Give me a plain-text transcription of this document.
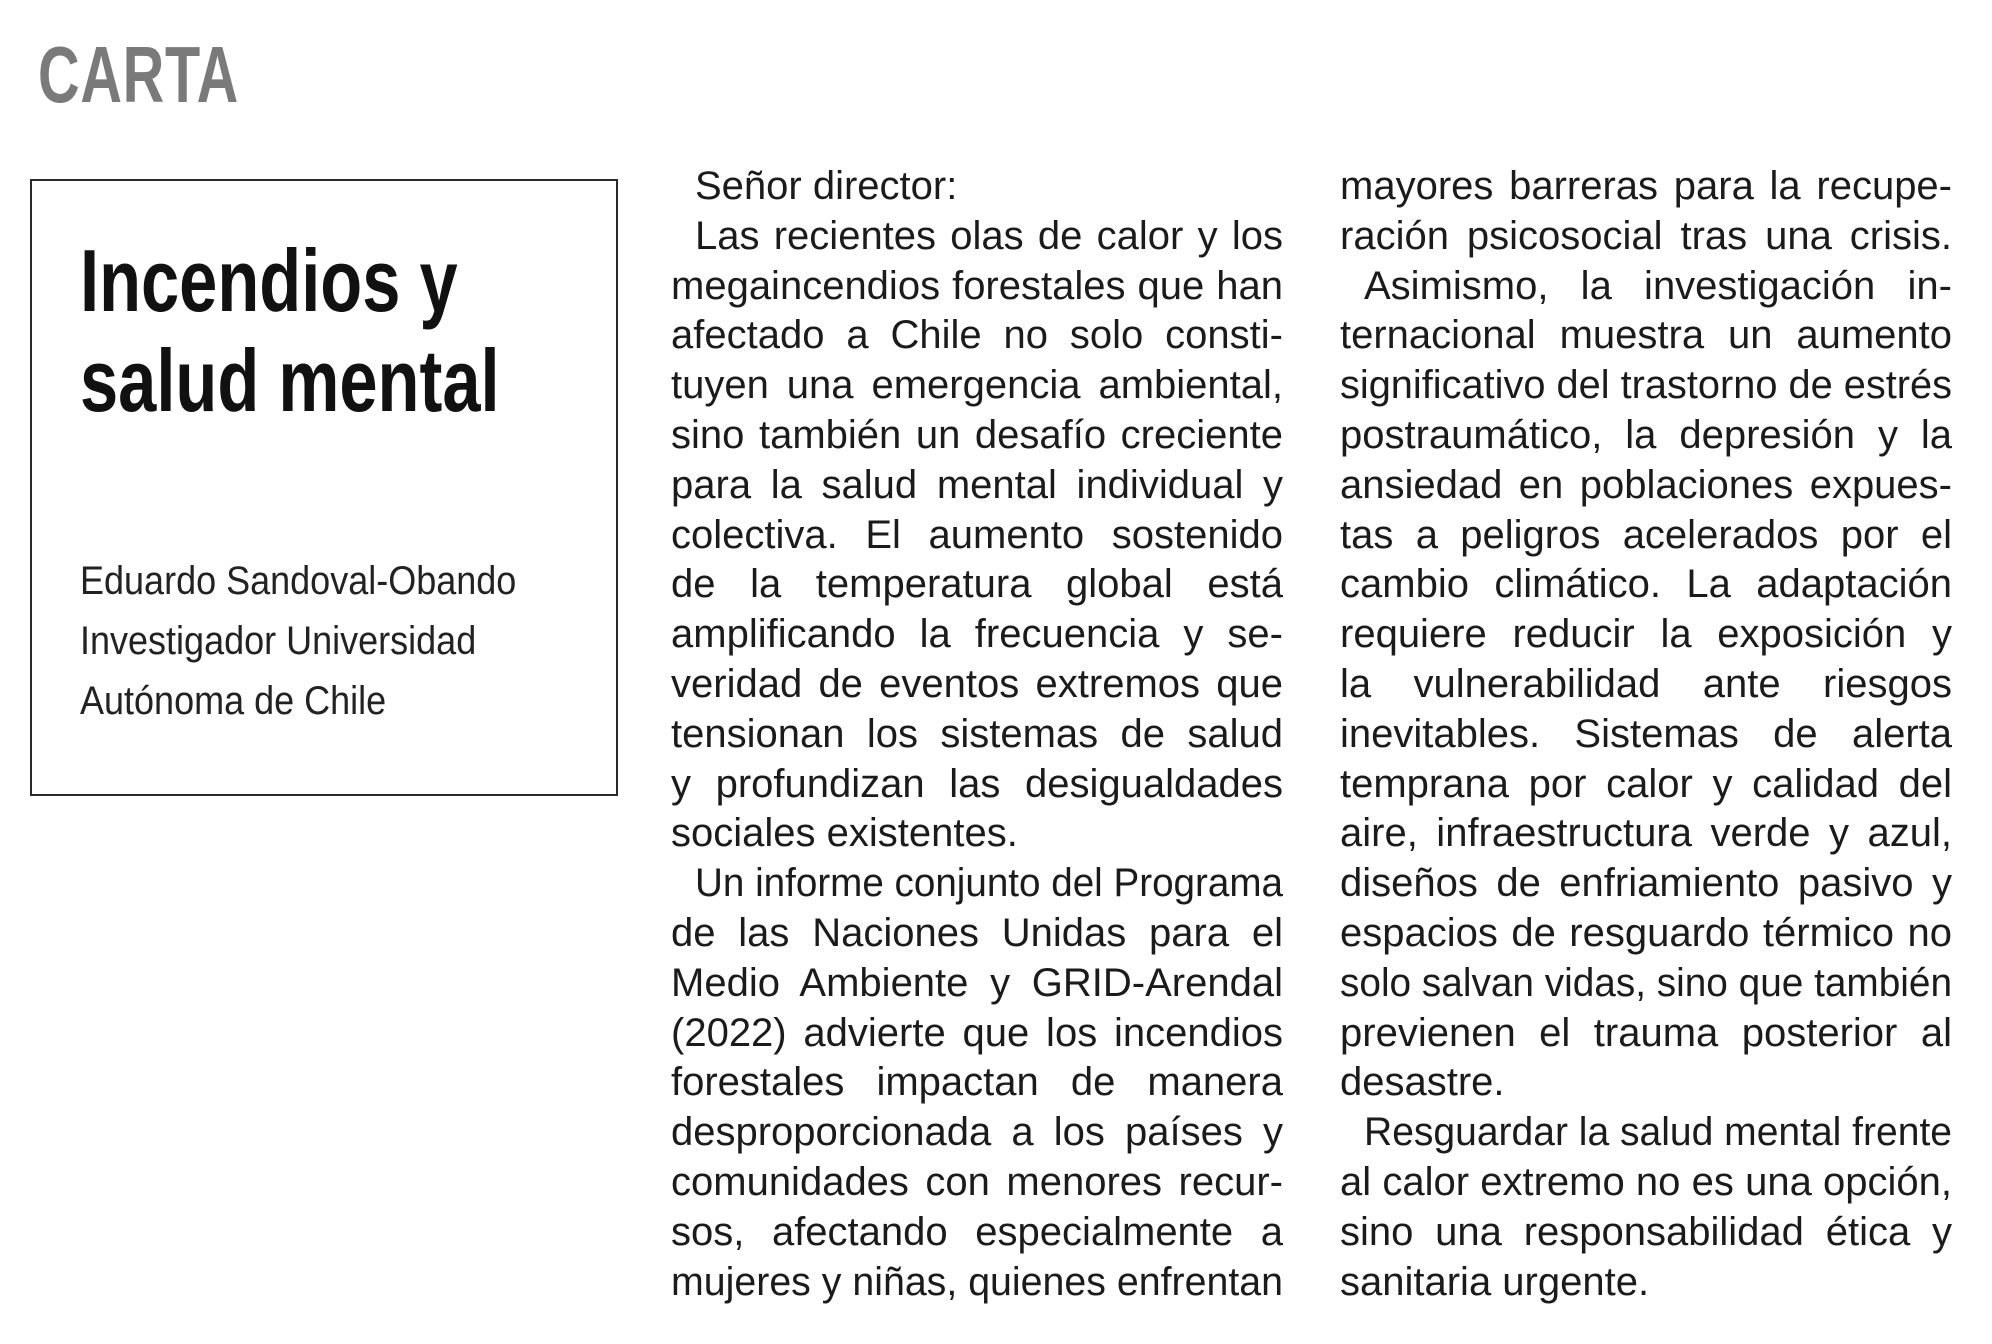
CARTA
Incendios y
salud mental
Eduardo Sandoval-Obando
Investigador Universidad
Autónoma de Chile
Señor director:
Las recientes olas de calor y los
megaincendios forestales que han
afectado a Chile no solo consti-
tuyen una emergencia ambiental,
sino también un desafío creciente
para la salud mental individual y
colectiva. El aumento sostenido
de la temperatura global está
amplificando la frecuencia y se-
veridad de eventos extremos que
tensionan los sistemas de salud
y profundizan las desigualdades
sociales existentes.
Un informe conjunto del Programa
de las Naciones Unidas para el
Medio Ambiente y GRID-Arendal
(2022) advierte que los incendios
forestales impactan de manera
desproporcionada a los países y
comunidades con menores recur-
sos, afectando especialmente a
mujeres y niñas, quienes enfrentan
mayores barreras para la recupe-
ración psicosocial tras una crisis.
Asimismo, la investigación in-
ternacional muestra un aumento
significativo del trastorno de estrés
postraumático, la depresión y la
ansiedad en poblaciones expues-
tas a peligros acelerados por el
cambio climático. La adaptación
requiere reducir la exposición y
la vulnerabilidad ante riesgos
inevitables. Sistemas de alerta
temprana por calor y calidad del
aire, infraestructura verde y azul,
diseños de enfriamiento pasivo y
espacios de resguardo térmico no
solo salvan vidas, sino que también
previenen el trauma posterior al
desastre.
Resguardar la salud mental frente
al calor extremo no es una opción,
sino una responsabilidad ética y
sanitaria urgente.
